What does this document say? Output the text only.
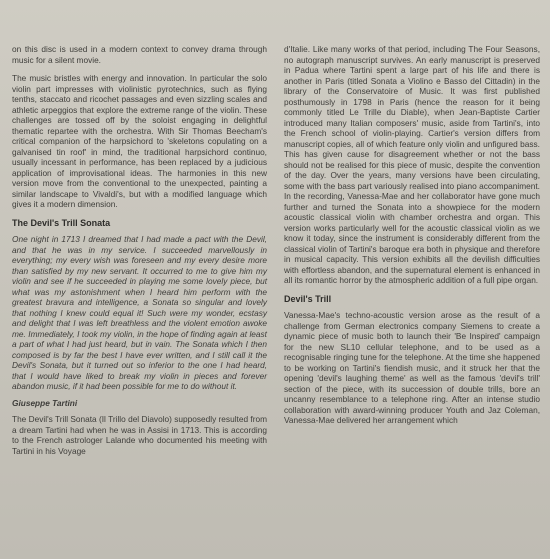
on this disc is used in a modern context to convey drama through music for a silent movie.

The music bristles with energy and innovation. In particular the solo violin part impresses with violinistic pyrotechnics, such as flying tenths, staccato and ricochet passages and even sizzling scales and athletic arpeggios that explore the extreme range of the violin. These challenges are tossed off by the soloist engaging in delightful thematic repartee with the orchestra. With Sir Thomas Beecham's critical companion of the harpsichord to 'skeletons copulating on a galvanised tin roof' in mind, the traditional harpsichord continuo, usually incessant in performance, has been replaced by a judicious application of improvisational ideas. The harmonies in this new version move from the conventional to the unexpected, painting a similar landscape to Vivaldi's, but with a modified language which gives it a modern dimension.

The Devil's Trill Sonata

One night in 1713 I dreamed that I had made a pact with the Devil, and that he was in my service. I succeeded marvellously in everything; my every wish was foreseen and my every desire more than satisfied by my new servant. It occurred to me to give him my violin and see if he succeeded in playing me some lovely piece, but what was my astonishment when I heard him perform with the greatest bravura and intelligence, a Sonata so singular and lovely that nothing I knew could equal it! Such were my wonder, ecstasy and delight that I was left breathless and the violent emotion awoke me. Immediately, I took my violin, in the hope of finding again at least a part of what I had just heard, but in vain. The Sonata which I then composed is by far the best I have ever written, and I still call it the Devil's Sonata, but it turned out so inferior to the one I had heard, that I would have liked to break my violin in pieces and forever abandon music, if it had been possible for me to do without it.

Giuseppe Tartini

The Devil's Trill Sonata (Il Trillo del Diavolo) supposedly resulted from a dream Tartini had when he was in Assisi in 1713. This is according to the French astrologer Lalande who documented his meeting with Tartini in his Voyage

d'Italie. Like many works of that period, including The Four Seasons, no autograph manuscript survives. An early manuscript is preserved in Padua where Tartini spent a large part of his life and there is another in Paris (titled Sonata a Violino e Basso del Cittadin) in the library of the Conservatoire of Music. It was first published posthumously in 1798 in Paris (hence the reason for it being commonly titled Le Trille du Diable), when Jean-Baptiste Cartier introduced many Italian composers' music, aside from Tartini's, into the French school of violin-playing. Cartier's version differs from manuscript copies, all of which feature only violin and unfigured bass. This has given cause for disagreement whether or not the bass should not be realised for this piece of music, despite the convention of the day. Over the years, many versions have been circulating, some with the bass part variously realised into piano accompaniment. In the recording, Vanessa-Mae and her collaborator have gone much further and turned the Sonata into a showpiece for the modern acoustic classical violin with chamber orchestra and organ. This version works particularly well for the acoustic classical violin as we know it today, since the instrument is considerably different from the classical violin of Tartini's baroque era both in physique and therefore in musical capacity. This version exhibits all the devilish difficulties with effortless abandon, and the supernatural element is enhanced in all its romantic horror by the atmospheric addition of a full pipe organ.

Devil's Trill

Vanessa-Mae's techno-acoustic version arose as the result of a challenge from German electronics company Siemens to create a dynamic piece of music both to launch their 'Be Inspired' campaign for the new SL10 cellular telephone, and to be used as a recognisable ringing tune for the telephone. At the time she happened to be working on Tartini's fiendish music, and it struck her that the opening 'devil's laughing theme' as well as the famous 'devil's trill' section of the piece, with its succession of double trills, bore an uncanny resemblance to a telephone ring. After an intense studio collaboration with award-winning producer Youth and Jaz Coleman, Vanessa-Mae delivered her arrangement which
